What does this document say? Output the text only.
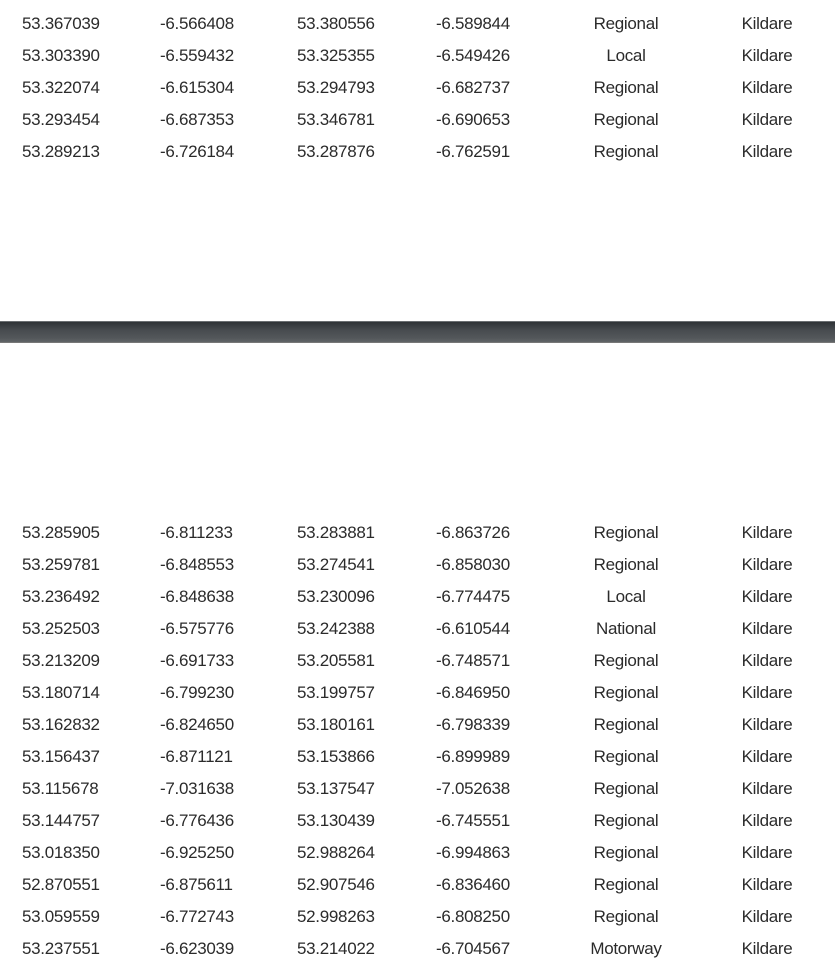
53.367039	-6.566408	53.380556	-6.589844	Regional	Kildare
53.303390	-6.559432	53.325355	-6.549426	Local	Kildare
53.322074	-6.615304	53.294793	-6.682737	Regional	Kildare
53.293454	-6.687353	53.346781	-6.690653	Regional	Kildare
53.289213	-6.726184	53.287876	-6.762591	Regional	Kildare
53.285905	-6.811233	53.283881	-6.863726	Regional	Kildare
53.259781	-6.848553	53.274541	-6.858030	Regional	Kildare
53.236492	-6.848638	53.230096	-6.774475	Local	Kildare
53.252503	-6.575776	53.242388	-6.610544	National	Kildare
53.213209	-6.691733	53.205581	-6.748571	Regional	Kildare
53.180714	-6.799230	53.199757	-6.846950	Regional	Kildare
53.162832	-6.824650	53.180161	-6.798339	Regional	Kildare
53.156437	-6.871121	53.153866	-6.899989	Regional	Kildare
53.115678	-7.031638	53.137547	-7.052638	Regional	Kildare
53.144757	-6.776436	53.130439	-6.745551	Regional	Kildare
53.018350	-6.925250	52.988264	-6.994863	Regional	Kildare
52.870551	-6.875611	52.907546	-6.836460	Regional	Kildare
53.059559	-6.772743	52.998263	-6.808250	Regional	Kildare
53.237551	-6.623039	53.214022	-6.704567	Motorway	Kildare
